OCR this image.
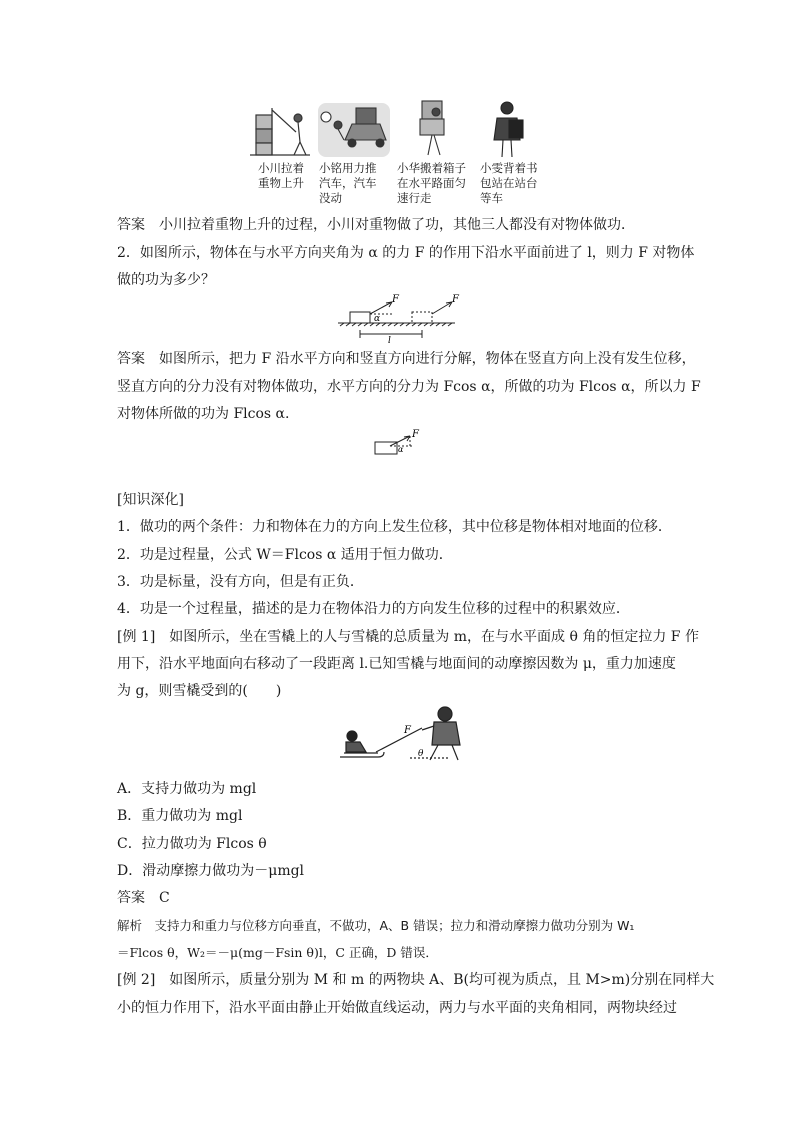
小川拉着
重物上升
小铭用力推
汽车，汽车
没动
小华搬着箱子
在水平路面匀
速行走
小雯背着书
包站在站台
等车
答案　小川拉着重物上升的过程，小川对重物做了功，其他三人都没有对物体做功．
2．如图所示，物体在与水平方向夹角为 α 的力 F 的作用下沿水平面前进了 l，则力 F 对物体
做的功为多少？
F	F
α
l
答案　如图所示，把力 F 沿水平方向和竖直方向进行分解，物体在竖直方向上没有发生位移，
竖直方向的分力没有对物体做功，水平方向的分力为 Fcos α，所做的功为 Flcos α，所以力 F
对物体所做的功为 Flcos α.
F
α
[知识深化]
1．做功的两个条件：力和物体在力的方向上发生位移，其中位移是物体相对地面的位移．
2．功是过程量，公式 W＝Flcos α 适用于恒力做功．
3．功是标量，没有方向，但是有正负．
4．功是一个过程量，描述的是力在物体沿力的方向发生位移的过程中的积累效应．
[例 1]　如图所示，坐在雪橇上的人与雪橇的总质量为 m，在与水平面成 θ 角的恒定拉力 F 作
用下，沿水平地面向右移动了一段距离 l.已知雪橇与地面间的动摩擦因数为 μ，重力加速度
为 g，则雪橇受到的(　　)
F
θ
A．支持力做功为 mgl
B．重力做功为 mgl
C．拉力做功为 Flcos θ
D．滑动摩擦力做功为－μmgl
答案　C
解析　支持力和重力与位移方向垂直，不做功，A、B 错误；拉力和滑动摩擦力做功分别为 W₁
＝Flcos θ，W₂＝－μ(mg－Fsin θ)l，C 正确，D 错误．
[例 2]　如图所示，质量分别为 M 和 m 的两物块 A、B(均可视为质点，且 M>m)分别在同样大
小的恒力作用下，沿水平面由静止开始做直线运动，两力与水平面的夹角相同，两物块经过
